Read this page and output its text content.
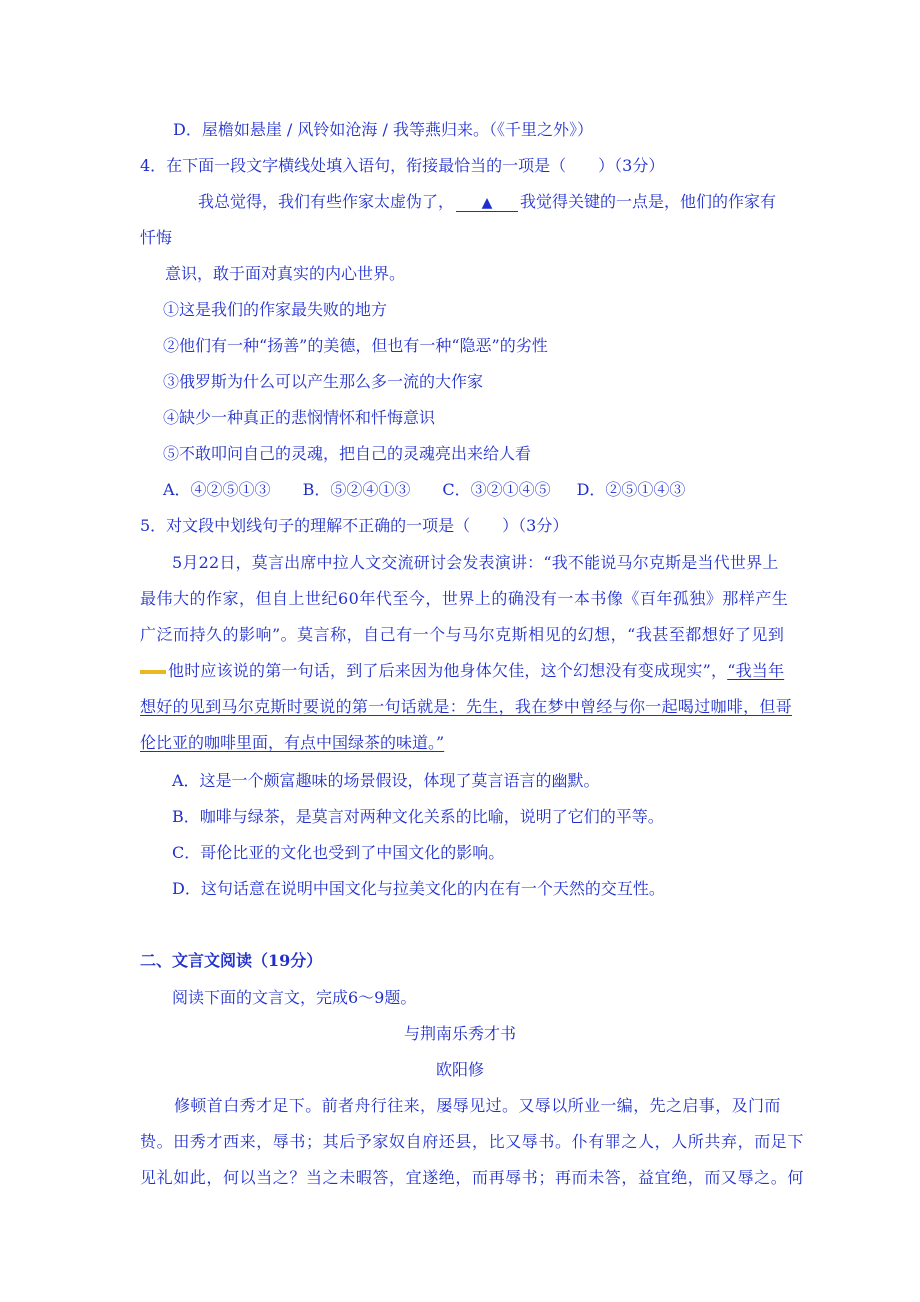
D．屋檐如悬崖 / 风铃如沧海 / 我等燕归来。（《千里之外》）
4．在下面一段文字横线处填入语句，衔接最恰当的一项是（　　）（3分）
我总觉得，我们有些作家太虚伪了， ▲ 我觉得关键的一点是，他们的作家有
忏悔
意识，敢于面对真实的内心世界。
①这是我们的作家最失败的地方
②他们有一种“扬善”的美德，但也有一种“隐恶”的劣性
③俄罗斯为什么可以产生那么多一流的大作家
④缺少一种真正的悲悯情怀和忏悔意识
⑤不敢叩问自己的灵魂，把自己的灵魂亮出来给人看
A．④②⑤①③ B．⑤②④①③ C．③②①④⑤ D．②⑤①④③
5．对文段中划线句子的理解不正确的一项是（　　）（3分）
5月22日，莫言出席中拉人文交流研讨会发表演讲：“我不能说马尔克斯是当代世界上
最伟大的作家，但自上世纪60年代至今，世界上的确没有一本书像《百年孤独》那样产生
广泛而持久的影响”。莫言称，自己有一个与马尔克斯相见的幻想，“我甚至都想好了见到
他时应该说的第一句话，到了后来因为他身体欠佳，这个幻想没有变成现实”，“我当年
想好的见到马尔克斯时要说的第一句话就是：先生，我在梦中曾经与你一起喝过咖啡，但哥
伦比亚的咖啡里面，有点中国绿茶的味道。”
A．这是一个颇富趣味的场景假设，体现了莫言语言的幽默。
B．咖啡与绿茶，是莫言对两种文化关系的比喻，说明了它们的平等。
C．哥伦比亚的文化也受到了中国文化的影响。
D．这句话意在说明中国文化与拉美文化的内在有一个天然的交互性。
二、文言文阅读（19分）
阅读下面的文言文，完成6～9题。
与荆南乐秀才书
欧阳修
修顿首白秀才足下。前者舟行往来，屡辱见过。又辱以所业一编，先之启事，及门而
贽。田秀才西来，辱书；其后予家奴自府还县，比又辱书。仆有罪之人，人所共弃，而足下
见礼如此，何以当之？当之未暇答，宜遂绝，而再辱书；再而未答，益宜绝，而又辱之。何
